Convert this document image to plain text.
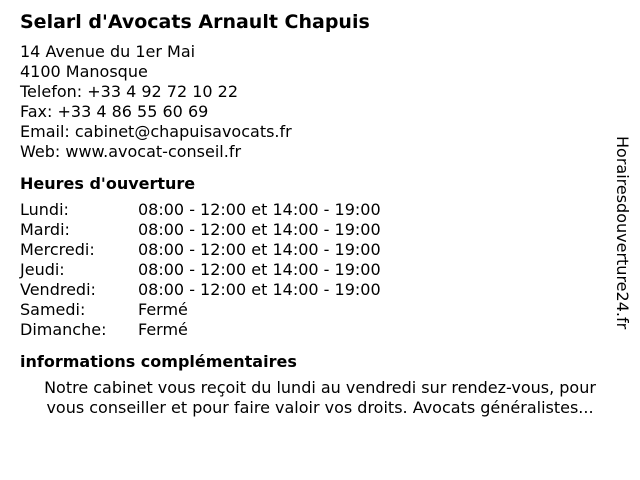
Selarl d'Avocats Arnault Chapuis
14 Avenue du 1er Mai
4100 Manosque
Telefon: +33 4 92 72 10 22
Fax: +33 4 86 55 60 69
Email: cabinet@chapuisavocats.fr
Web: www.avocat-conseil.fr
Heures d'ouverture
Lundi:	08:00 - 12:00 et 14:00 - 19:00
Mardi:	08:00 - 12:00 et 14:00 - 19:00
Mercredi:	08:00 - 12:00 et 14:00 - 19:00
Jeudi:	08:00 - 12:00 et 14:00 - 19:00
Vendredi:	08:00 - 12:00 et 14:00 - 19:00
Samedi:	Fermé
Dimanche:	Fermé
informations complémentaires
Notre cabinet vous reçoit du lundi au vendredi sur rendez-vous, pour
vous conseiller et pour faire valoir vos droits. Avocats généralistes...
Horairesdouverture24.fr
